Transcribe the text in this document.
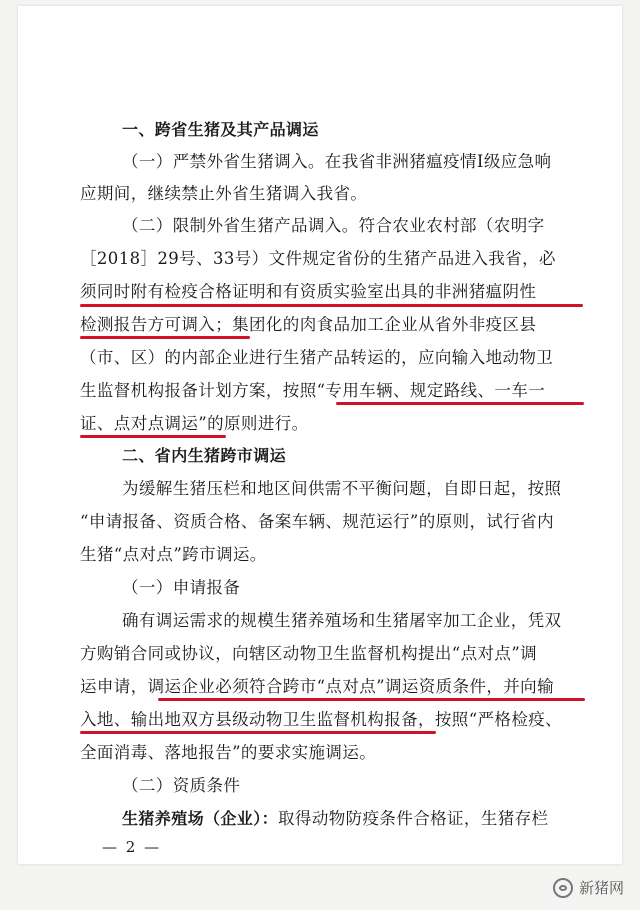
一、跨省生猪及其产品调运
（一）严禁外省生猪调入。在我省非洲猪瘟疫情Ⅰ级应急响
应期间，继续禁止外省生猪调入我省。
（二）限制外省生猪产品调入。符合农业农村部（农明字
［2018］29号、33号）文件规定省份的生猪产品进入我省，必
须同时附有检疫合格证明和有资质实验室出具的非洲猪瘟阴性
检测报告方可调入；集团化的肉食品加工企业从省外非疫区县
（市、区）的内部企业进行生猪产品转运的，应向输入地动物卫
生监督机构报备计划方案，按照“专用车辆、规定路线、一车一
证、点对点调运”的原则进行。
二、省内生猪跨市调运
为缓解生猪压栏和地区间供需不平衡问题，自即日起，按照
“申请报备、资质合格、备案车辆、规范运行”的原则，试行省内
生猪“点对点”跨市调运。
（一）申请报备
确有调运需求的规模生猪养殖场和生猪屠宰加工企业，凭双
方购销合同或协议，向辖区动物卫生监督机构提出“点对点”调
运申请，调运企业必须符合跨市“点对点”调运资质条件，并向输
入地、输出地双方县级动物卫生监督机构报备，按照“严格检疫、
全面消毒、落地报告”的要求实施调运。
（二）资质条件
生猪养殖场（企业）：取得动物防疫条件合格证，生猪存栏
— 2 —
新猪网
